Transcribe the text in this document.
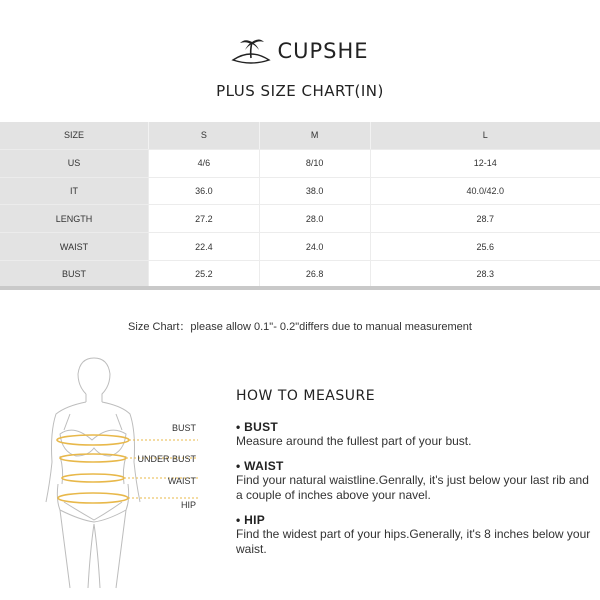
CUPSHE
PLUS SIZE CHART(IN)
SIZE	S	M	L
US	4/6	8/10	12-14
IT	36.0	38.0	40.0/42.0
LENGTH	27.2	28.0	28.7
WAIST	22.4	24.0	25.6
BUST	25.2	26.8	28.3
Size Chart：please allow 0.1"- 0.2"differs due to manual measurement
BUST
UNDER BUST
WAIST
HIP
HOW TO MEASURE
• BUST
Measure around the fullest part of your bust.
• WAIST
Find your natural waistline.Genrally, it's just below your last rib and a couple of inches above your navel.
• HIP
Find the widest part of your hips.Generally, it's 8 inches below your waist.
